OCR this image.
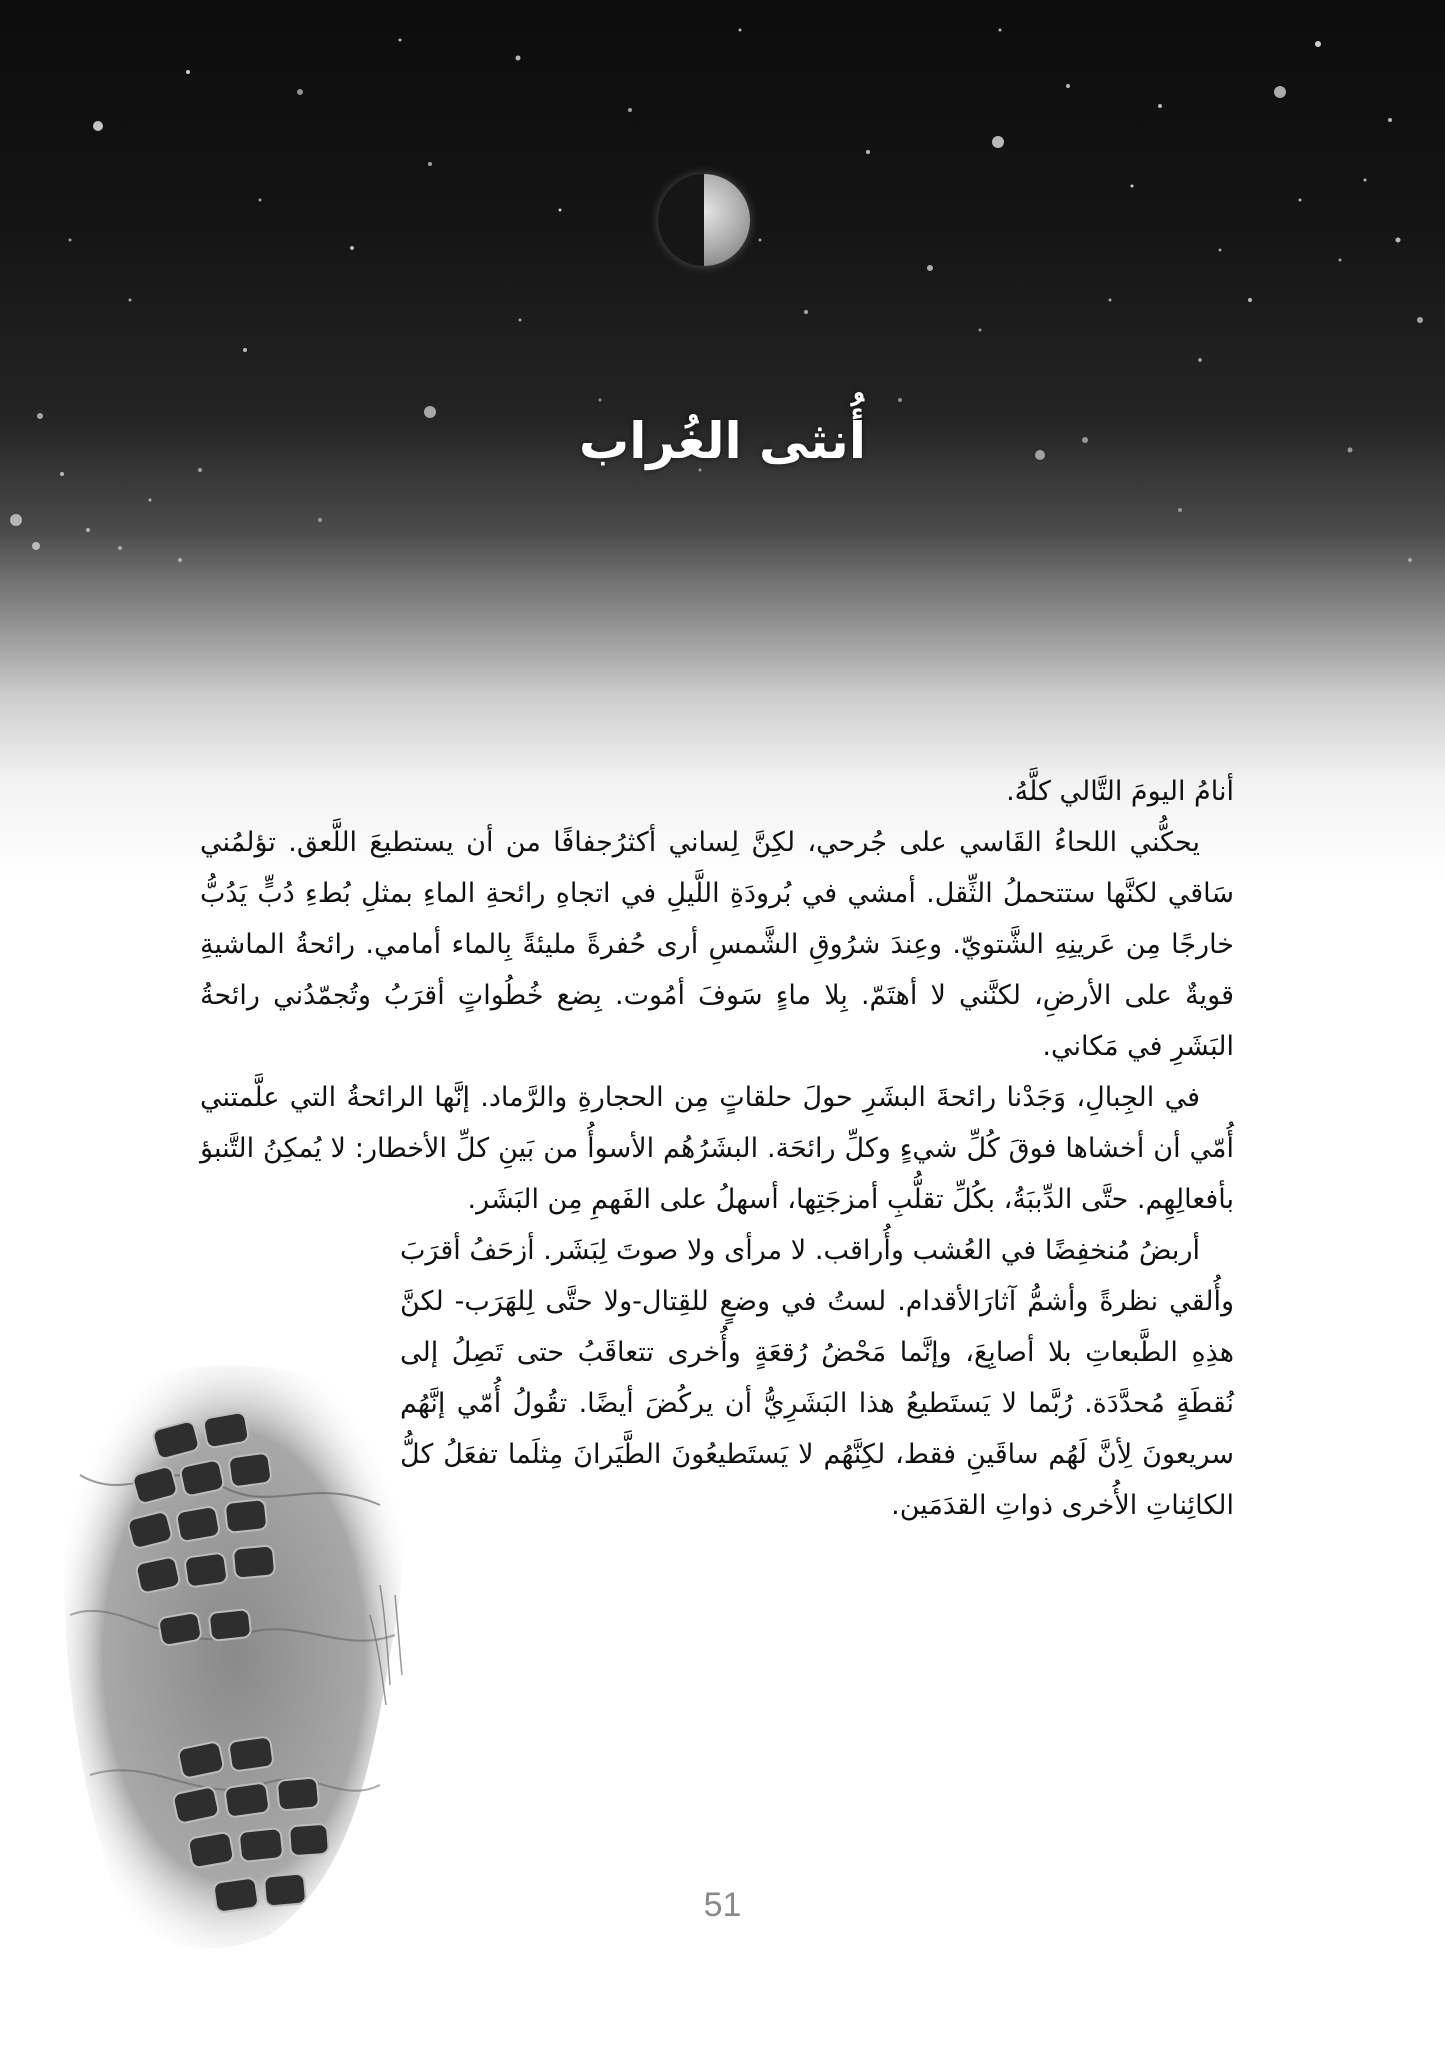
أُنثى الغُراب

أنامُ اليومَ التَّالي كلَّهُ.

يحكُّني اللحاءُ القَاسي على جُرحي، لكِنَّ لِساني أكثرُجفافًا من أن يستطيعَ اللَّعق. تؤلمُني سَاقي لكنَّها ستتحملُ الثِّقل. أمشي في بُرودَةِ اللَّيلِ في اتجاهِ رائحةِ الماءِ بمثلِ بُطءِ دُبٍّ يَدُبُّ خارجًا مِن عَرينِهِ الشَّتويّ. وعِندَ شرُوقِ الشَّمسِ أرى حُفرةً مليئةً بِالماء أمامي. رائحةُ الماشيةِ قويةٌ على الأرضِ، لكنَّني لا أهتَمّ. بِلا ماءٍ سَوفَ أمُوت. بِضع خُطُواتٍ أقرَبُ وتُجمّدُني رائحةُ البَشَرِ في مَكاني.

في الجِبالِ، وَجَدْنا رائحةَ البشَرِ حولَ حلقاتٍ مِن الحجارةِ والرَّماد. إنَّها الرائحةُ التي علَّمتني أُمّي أن أخشاها فوقَ كُلِّ شيءٍ وكلِّ رائحَة. البشَرُهُم الأسوأُ من بَينِ كلِّ الأخطار: لا يُمكِنُ التَّنبؤ بأفعالِهِم. حتَّى الدِّببَةُ، بكُلِّ تقلُّبِ أمزجَتِها، أسهلُ على الفَهمِ مِن البَشَر.

أربضُ مُنخفِضًا في العُشب وأُراقب. لا مرأى ولا صوتَ لِبَشَر. أزحَفُ أقرَبَ وأُلقي نظرةً وأشمُّ آثارَالأقدام. لستُ في وضعٍ للقِتال-ولا حتَّى لِلهَرَب- لكنَّ هذِهِ الطَّبعاتِ بلا أصابِعَ، وإنَّما مَحْضُ رُقعَةٍ وأُخرى تتعاقَبُ حتى تَصِلُ إلى نُقطَةٍ مُحدَّدَة. رُبَّما لا يَستَطيعُ هذا البَشَرِيُّ أن يركُضَ أيضًا. تقُولُ أُمّي إنَّهُم سريعونَ لِأنَّ لَهُم ساقَينِ فقط، لكِنَّهُم لا يَستَطيعُونَ الطَّيَرانَ مِثلَما تفعَلُ كلُّ الكائِناتِ الأُخرى ذواتِ القدَمَين.

51
